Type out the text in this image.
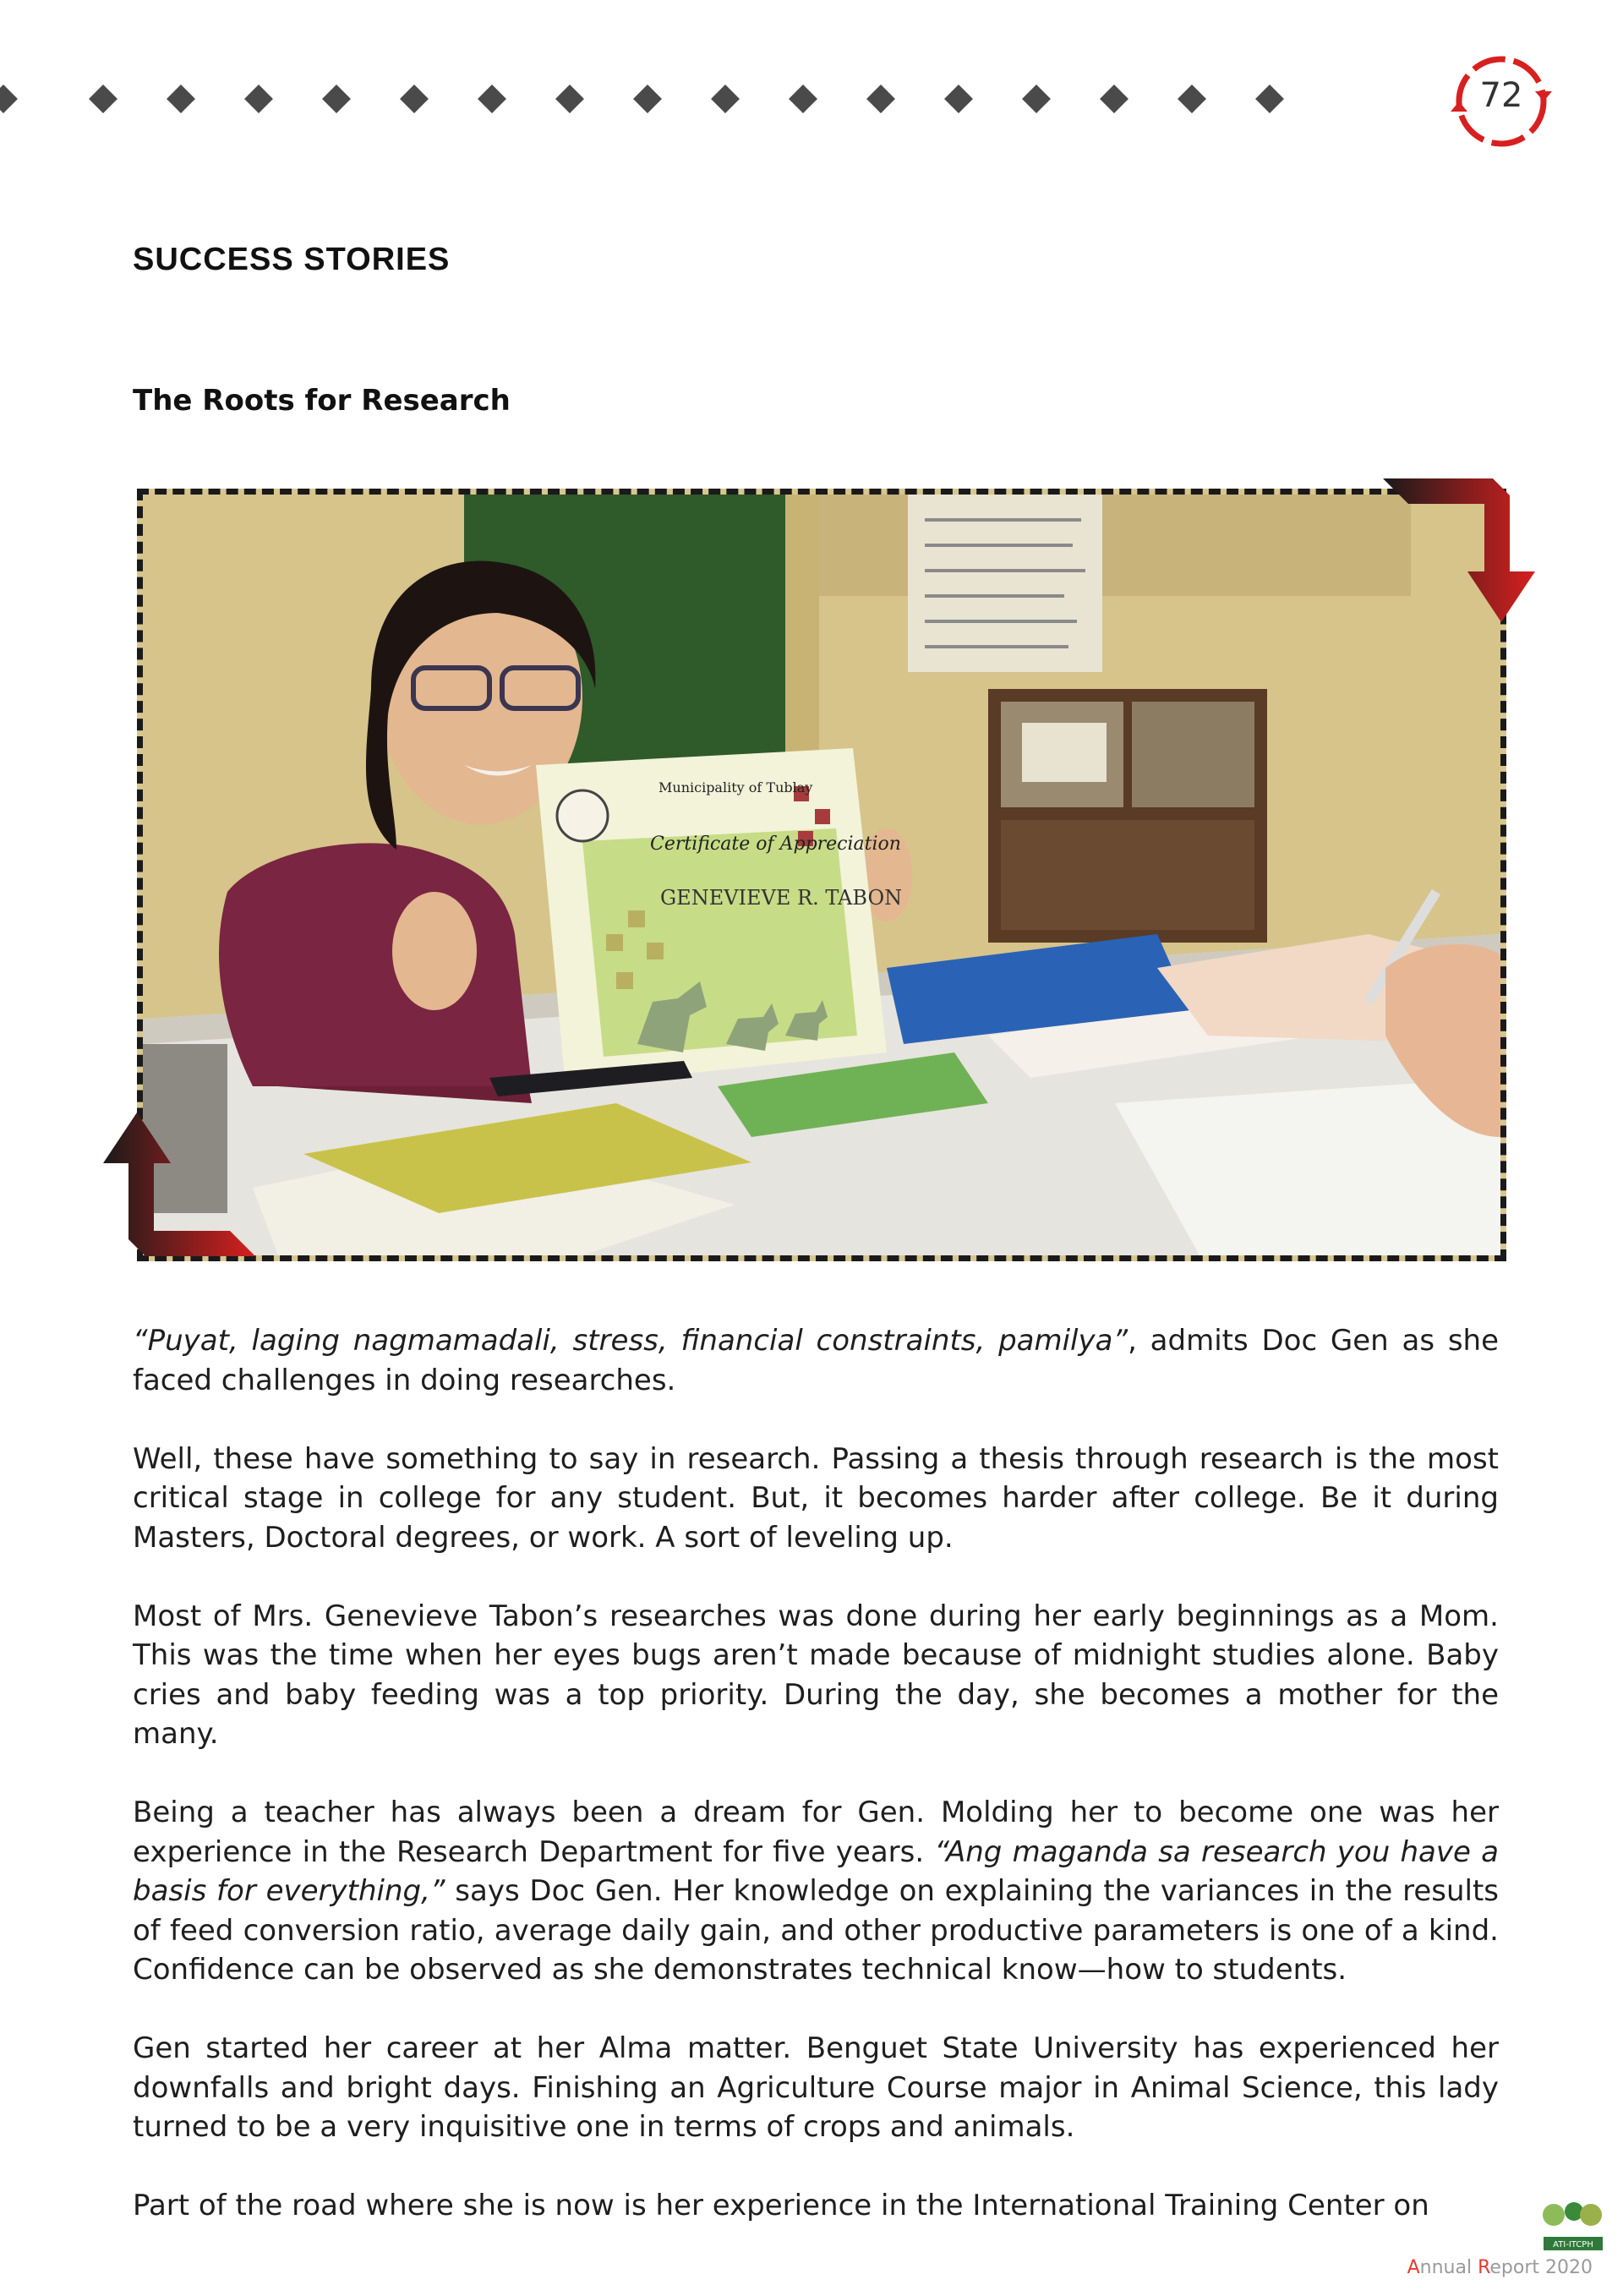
72
SUCCESS STORIES
The Roots for Research
Municipality of Tublay
Certificate of Appreciation
GENEVIEVE R. TABON

“Puyat, laging nagmamadali, stress, financial constraints, pamilya”, admits Doc Gen as she faced challenges in doing researches.

Well, these have something to say in research. Passing a thesis through research is the most critical stage in college for any student. But, it becomes harder after college. Be it during Masters, Doctoral degrees, or work. A sort of leveling up.

Most of Mrs. Genevieve Tabon’s researches was done during her early beginnings as a Mom. This was the time when her eyes bugs aren’t made because of midnight studies alone. Baby cries and baby feeding was a top priority. During the day, she becomes a mother for the many.

Being a teacher has always been a dream for Gen. Molding her to become one was her experience in the Research Department for five years. “Ang maganda sa research you have a basis for everything,” says Doc Gen. Her knowledge on explaining the variances in the results of feed conversion ratio, average daily gain, and other productive parameters is one of a kind. Confidence can be observed as she demonstrates technical know—how to students.

Gen started her career at her Alma matter. Benguet State University has experienced her downfalls and bright days. Finishing an Agriculture Course major in Animal Science, this lady turned to be a very inquisitive one in terms of crops and animals.

Part of the road where she is now is her experience in the International Training Center on

ATI-ITCPH
Annual Report 2020
